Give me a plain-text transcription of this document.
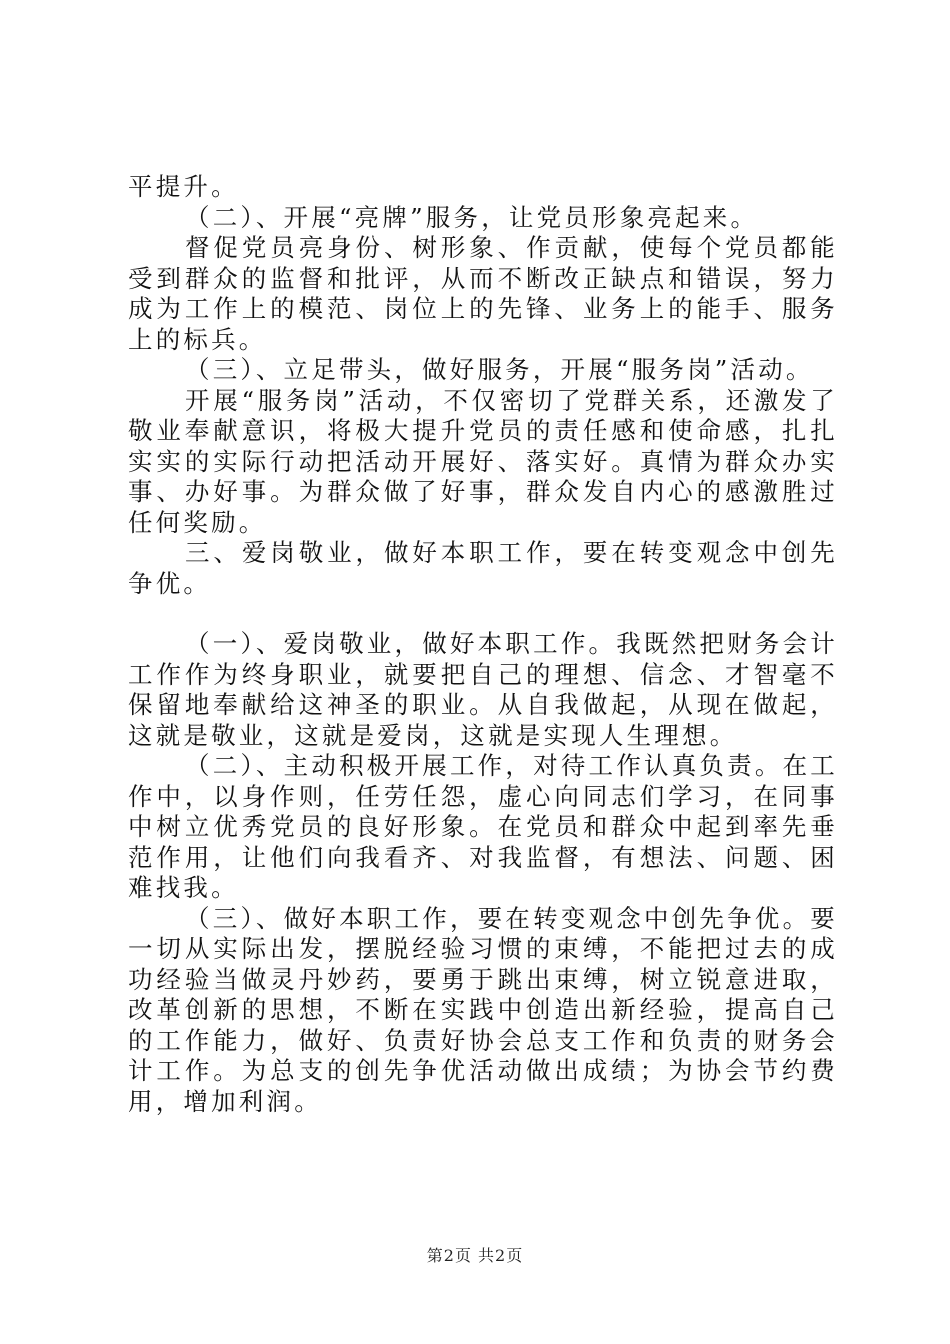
平提升。

（二）、开展“亮牌”服务，让党员形象亮起来。

督促党员亮身份、树形象、作贡献，使每个党员都能受到群众的监督和批评，从而不断改正缺点和错误，努力成为工作上的模范、岗位上的先锋、业务上的能手、服务上的标兵。

（三）、立足带头，做好服务，开展“服务岗”活动。

开展“服务岗”活动，不仅密切了党群关系，还激发了敬业奉献意识，将极大提升党员的责任感和使命感，扎扎实实的实际行动把活动开展好、落实好。真情为群众办实事、办好事。为群众做了好事，群众发自内心的感激胜过任何奖励。

三、爱岗敬业，做好本职工作，要在转变观念中创先争优。

（一）、爱岗敬业，做好本职工作。我既然把财务会计工作作为终身职业，就要把自己的理想、信念、才智毫不保留地奉献给这神圣的职业。从自我做起，从现在做起，这就是敬业，这就是爱岗，这就是实现人生理想。

（二）、主动积极开展工作，对待工作认真负责。在工作中，以身作则，任劳任怨，虚心向同志们学习，在同事中树立优秀党员的良好形象。在党员和群众中起到率先垂范作用，让他们向我看齐、对我监督，有想法、问题、困难找我。

（三）、做好本职工作，要在转变观念中创先争优。要一切从实际出发，摆脱经验习惯的束缚，不能把过去的成功经验当做灵丹妙药，要勇于跳出束缚，树立锐意进取，改革创新的思想，不断在实践中创造出新经验，提高自己的工作能力，做好、负责好协会总支工作和负责的财务会计工作。为总支的创先争优活动做出成绩；为协会节约费用，增加利润。

第2页 共2页
